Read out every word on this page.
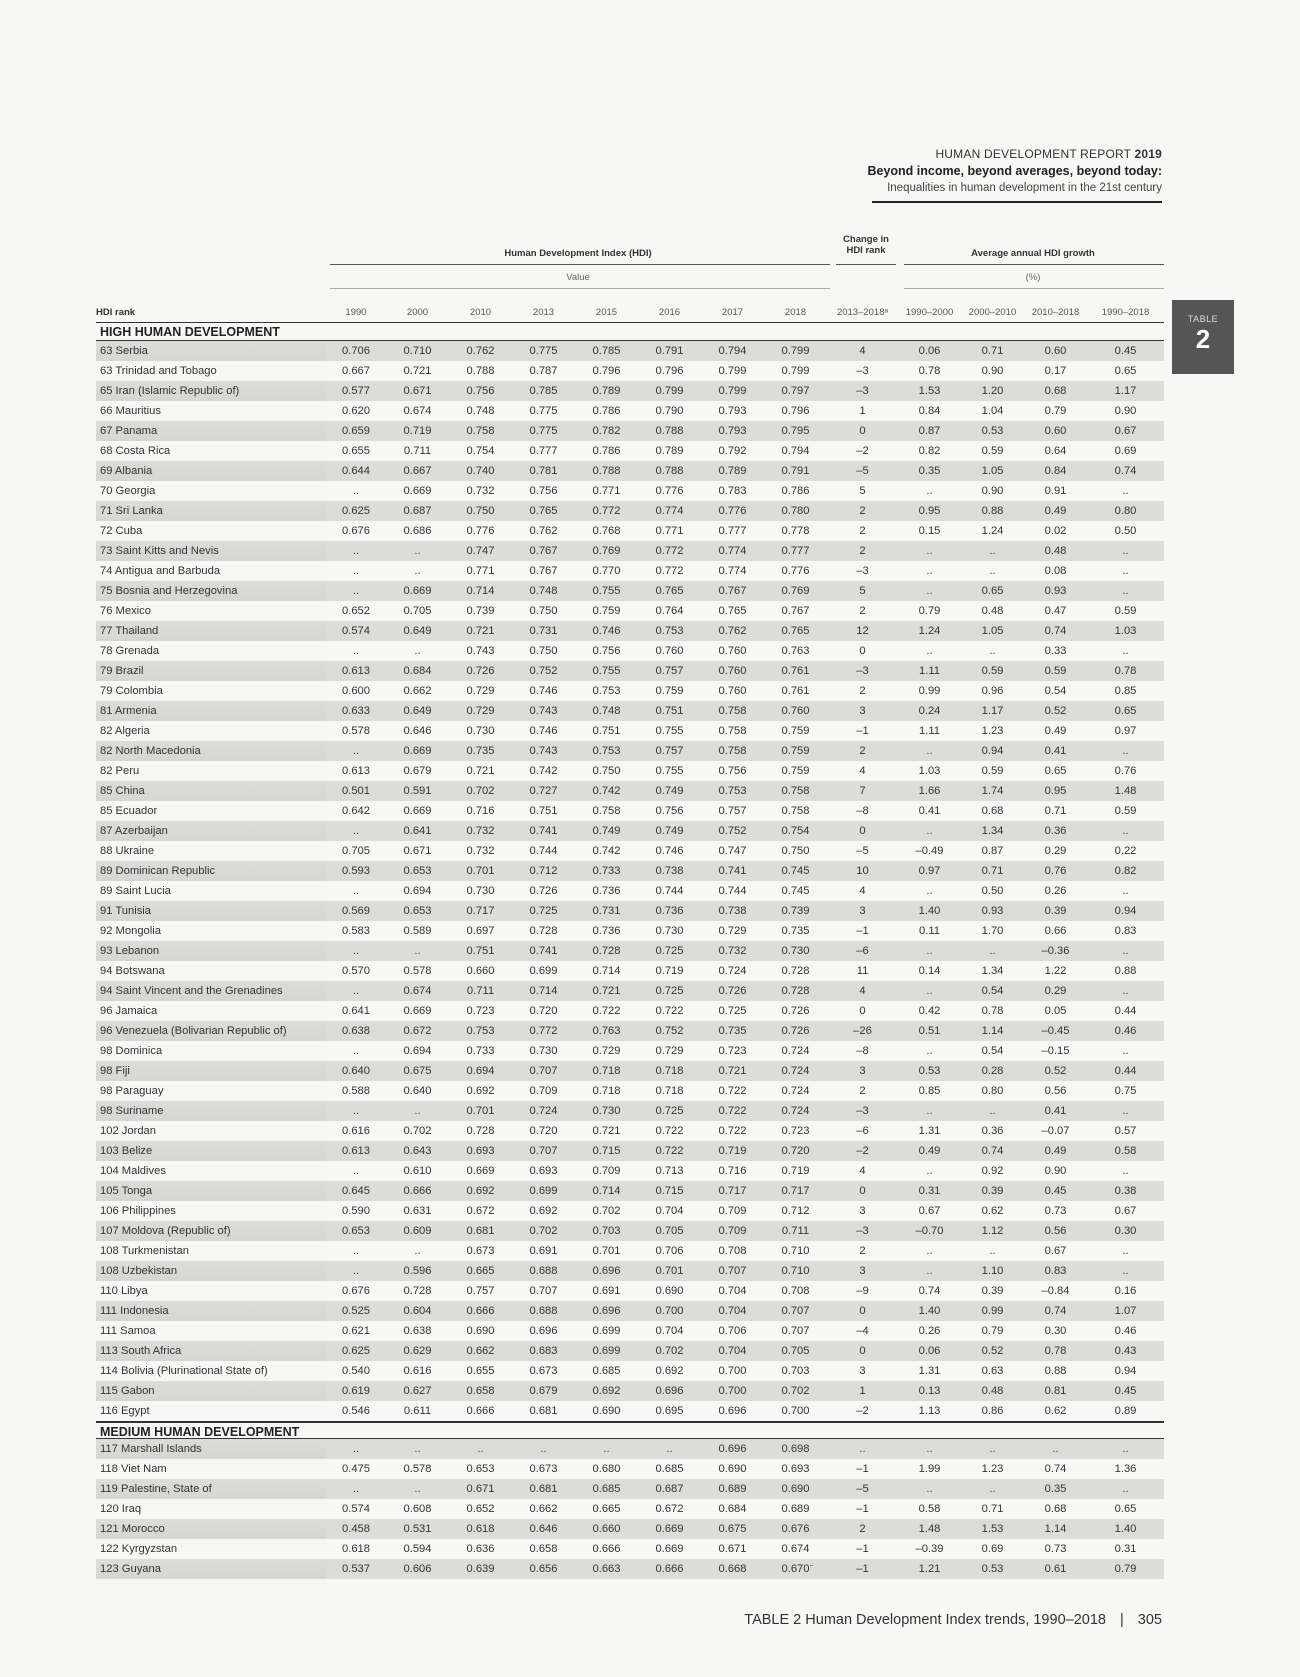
HUMAN DEVELOPMENT REPORT 2019
Beyond income, beyond averages, beyond today:
Inequalities in human development in the 21st century
TABLE
2
Human Development Index (HDI)
Value
Change in HDI rank	Average annual HDI growth
(%)
HDI rank	1990	2000	2010	2013	2015	2016	2017	2018	2013–2018ᵃ	1990–2000	2000–2010	2010–2018	1990–2018
HIGH HUMAN DEVELOPMENT
63 Serbia	0.706	0.710	0.762	0.775	0.785	0.791	0.794	0.799	4	0.06	0.71	0.60	0.45
63 Trinidad and Tobago	0.667	0.721	0.788	0.787	0.796	0.796	0.799	0.799	–3	0.78	0.90	0.17	0.65
65 Iran (Islamic Republic of)	0.577	0.671	0.756	0.785	0.789	0.799	0.799	0.797	–3	1.53	1.20	0.68	1.17
66 Mauritius	0.620	0.674	0.748	0.775	0.786	0.790	0.793	0.796	1	0.84	1.04	0.79	0.90
67 Panama	0.659	0.719	0.758	0.775	0.782	0.788	0.793	0.795	0	0.87	0.53	0.60	0.67
68 Costa Rica	0.655	0.711	0.754	0.777	0.786	0.789	0.792	0.794	–2	0.82	0.59	0.64	0.69
69 Albania	0.644	0.667	0.740	0.781	0.788	0.788	0.789	0.791	–5	0.35	1.05	0.84	0.74
70 Georgia	..	0.669	0.732	0.756	0.771	0.776	0.783	0.786	5	..	0.90	0.91	..
71 Sri Lanka	0.625	0.687	0.750	0.765	0.772	0.774	0.776	0.780	2	0.95	0.88	0.49	0.80
72 Cuba	0.676	0.686	0.776	0.762	0.768	0.771	0.777	0.778	2	0.15	1.24	0.02	0.50
73 Saint Kitts and Nevis	..	..	0.747	0.767	0.769	0.772	0.774	0.777	2	..	..	0.48	..
74 Antigua and Barbuda	..	..	0.771	0.767	0.770	0.772	0.774	0.776	–3	..	..	0.08	..
75 Bosnia and Herzegovina	..	0.669	0.714	0.748	0.755	0.765	0.767	0.769	5	..	0.65	0.93	..
76 Mexico	0.652	0.705	0.739	0.750	0.759	0.764	0.765	0.767	2	0.79	0.48	0.47	0.59
77 Thailand	0.574	0.649	0.721	0.731	0.746	0.753	0.762	0.765	12	1.24	1.05	0.74	1.03
78 Grenada	..	..	0.743	0.750	0.756	0.760	0.760	0.763	0	..	..	0.33	..
79 Brazil	0.613	0.684	0.726	0.752	0.755	0.757	0.760	0.761	–3	1.11	0.59	0.59	0.78
79 Colombia	0.600	0.662	0.729	0.746	0.753	0.759	0.760	0.761	2	0.99	0.96	0.54	0.85
81 Armenia	0.633	0.649	0.729	0.743	0.748	0.751	0.758	0.760	3	0.24	1.17	0.52	0.65
82 Algeria	0.578	0.646	0.730	0.746	0.751	0.755	0.758	0.759	–1	1.11	1.23	0.49	0.97
82 North Macedonia	..	0.669	0.735	0.743	0.753	0.757	0.758	0.759	2	..	0.94	0.41	..
82 Peru	0.613	0.679	0.721	0.742	0.750	0.755	0.756	0.759	4	1.03	0.59	0.65	0.76
85 China	0.501	0.591	0.702	0.727	0.742	0.749	0.753	0.758	7	1.66	1.74	0.95	1.48
85 Ecuador	0.642	0.669	0.716	0.751	0.758	0.756	0.757	0.758	–8	0.41	0.68	0.71	0.59
87 Azerbaijan	..	0.641	0.732	0.741	0.749	0.749	0.752	0.754	0	..	1.34	0.36	..
88 Ukraine	0.705	0.671	0.732	0.744	0.742	0.746	0.747	0.750	–5	–0.49	0.87	0.29	0.22
89 Dominican Republic	0.593	0.653	0.701	0.712	0.733	0.738	0.741	0.745	10	0.97	0.71	0.76	0.82
89 Saint Lucia	..	0.694	0.730	0.726	0.736	0.744	0.744	0.745	4	..	0.50	0.26	..
91 Tunisia	0.569	0.653	0.717	0.725	0.731	0.736	0.738	0.739	3	1.40	0.93	0.39	0.94
92 Mongolia	0.583	0.589	0.697	0.728	0.736	0.730	0.729	0.735	–1	0.11	1.70	0.66	0.83
93 Lebanon	..	..	0.751	0.741	0.728	0.725	0.732	0.730	–6	..	..	–0.36	..
94 Botswana	0.570	0.578	0.660	0.699	0.714	0.719	0.724	0.728	11	0.14	1.34	1.22	0.88
94 Saint Vincent and the Grenadines	..	0.674	0.711	0.714	0.721	0.725	0.726	0.728	4	..	0.54	0.29	..
96 Jamaica	0.641	0.669	0.723	0.720	0.722	0.722	0.725	0.726	0	0.42	0.78	0.05	0.44
96 Venezuela (Bolivarian Republic of)	0.638	0.672	0.753	0.772	0.763	0.752	0.735	0.726	–26	0.51	1.14	–0.45	0.46
98 Dominica	..	0.694	0.733	0.730	0.729	0.729	0.723	0.724	–8	..	0.54	–0.15	..
98 Fiji	0.640	0.675	0.694	0.707	0.718	0.718	0.721	0.724	3	0.53	0.28	0.52	0.44
98 Paraguay	0.588	0.640	0.692	0.709	0.718	0.718	0.722	0.724	2	0.85	0.80	0.56	0.75
98 Suriname	..	..	0.701	0.724	0.730	0.725	0.722	0.724	–3	..	..	0.41	..
102 Jordan	0.616	0.702	0.728	0.720	0.721	0.722	0.722	0.723	–6	1.31	0.36	–0.07	0.57
103 Belize	0.613	0.643	0.693	0.707	0.715	0.722	0.719	0.720	–2	0.49	0.74	0.49	0.58
104 Maldives	..	0.610	0.669	0.693	0.709	0.713	0.716	0.719	4	..	0.92	0.90	..
105 Tonga	0.645	0.666	0.692	0.699	0.714	0.715	0.717	0.717	0	0.31	0.39	0.45	0.38
106 Philippines	0.590	0.631	0.672	0.692	0.702	0.704	0.709	0.712	3	0.67	0.62	0.73	0.67
107 Moldova (Republic of)	0.653	0.609	0.681	0.702	0.703	0.705	0.709	0.711	–3	–0.70	1.12	0.56	0.30
108 Turkmenistan	..	..	0.673	0.691	0.701	0.706	0.708	0.710	2	..	..	0.67	..
108 Uzbekistan	..	0.596	0.665	0.688	0.696	0.701	0.707	0.710	3	..	1.10	0.83	..
110 Libya	0.676	0.728	0.757	0.707	0.691	0.690	0.704	0.708	–9	0.74	0.39	–0.84	0.16
111 Indonesia	0.525	0.604	0.666	0.688	0.696	0.700	0.704	0.707	0	1.40	0.99	0.74	1.07
111 Samoa	0.621	0.638	0.690	0.696	0.699	0.704	0.706	0.707	–4	0.26	0.79	0.30	0.46
113 South Africa	0.625	0.629	0.662	0.683	0.699	0.702	0.704	0.705	0	0.06	0.52	0.78	0.43
114 Bolivia (Plurinational State of)	0.540	0.616	0.655	0.673	0.685	0.692	0.700	0.703	3	1.31	0.63	0.88	0.94
115 Gabon	0.619	0.627	0.658	0.679	0.692	0.696	0.700	0.702	1	0.13	0.48	0.81	0.45
116 Egypt	0.546	0.611	0.666	0.681	0.690	0.695	0.696	0.700	–2	1.13	0.86	0.62	0.89
MEDIUM HUMAN DEVELOPMENT
117 Marshall Islands	..	..	..	..	..	..	0.696	0.698	..	..	..	..	..
118 Viet Nam	0.475	0.578	0.653	0.673	0.680	0.685	0.690	0.693	–1	1.99	1.23	0.74	1.36
119 Palestine, State of	..	..	0.671	0.681	0.685	0.687	0.689	0.690	–5	..	..	0.35	..
120 Iraq	0.574	0.608	0.652	0.662	0.665	0.672	0.684	0.689	–1	0.58	0.71	0.68	0.65
121 Morocco	0.458	0.531	0.618	0.646	0.660	0.669	0.675	0.676	2	1.48	1.53	1.14	1.40
122 Kyrgyzstan	0.618	0.594	0.636	0.658	0.666	0.669	0.671	0.674	–1	–0.39	0.69	0.73	0.31
123 Guyana	0.537	0.606	0.639	0.656	0.663	0.666	0.668	0.670	–1	1.21	0.53	0.61	0.79
TABLE 2 Human Development Index trends, 1990–2018 | 305
